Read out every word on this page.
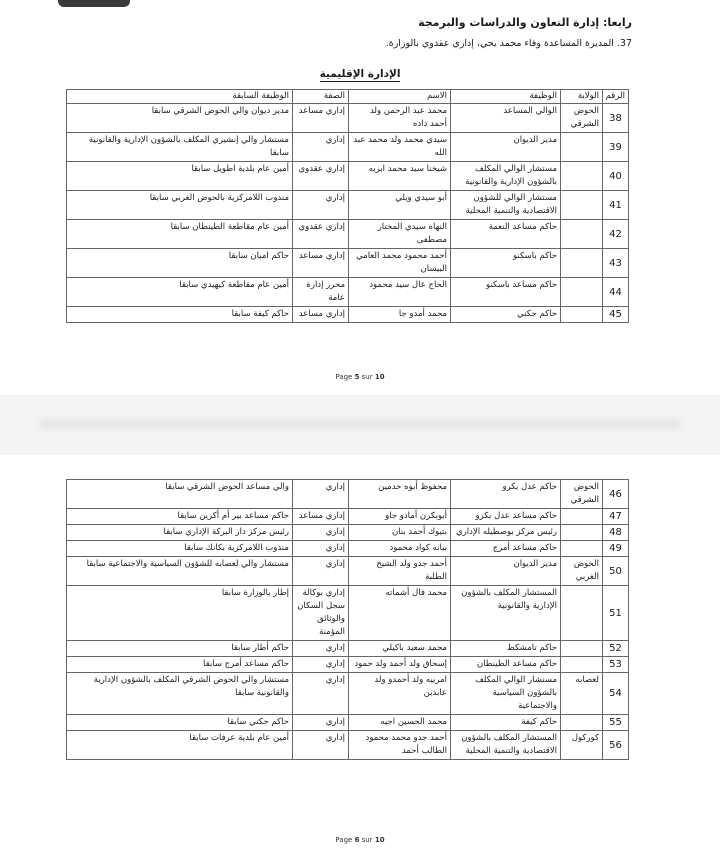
رابعا: إدارة التعاون والدراسات والبرمجة
37. المديرة المساعدة وفاء محمد يحي، إداري عقدوي بالوزارة.
الإدارة الإقليمية
الرقم	الولاية	الوظيفة	الاسم	الصفة	الوظيفة السابقة
38	الحوض الشرقي	الوالي المساعد	محمد عبد الرحمن ولد أحمد داده	إداري مساعد	مدير ديوان والي الحوض الشرقي سابقا
39		مدير الديوان	سيدي محمد ولد محمد عبد الله	إداري	مستشار والي إنشيري المكلف بالشؤون الإدارية والقانونية سابقا
40		مستشار الوالي المكلف بالشؤون الإدارية والقانونية	شيخنا سيد محمد ابريه	إداري عقدوي	أمين عام بلدية اطويل سابقا
41		مستشار الوالي للشؤون الاقتصادية والتنمية المحلية	أبو سيدي ويلي	إداري	مندوب اللامركزية بالحوض الغربي سابقا
42		حاكم مساعد النعمة	النهاه سيدي المختار مصطفى	إداري عقدوي	أمين عام مقاطعة الطينطان سابقا
43		حاكم باسكنو	أحمد محمود محمد العامي البيسان	إداري مساعد	حاكم امبان سابقا
44		حاكم مساعد باسكنو	الحاج عال سيد محمود	محرر إدارة عامة	أمين عام مقاطعة كيهيدي سابقا
45		حاكم جكني	محمد أمدو جا	إداري مساعد	حاكم كيفة سابقا
Page 5 sur 10
46	الحوض الشرقي	حاكم عدل بكرو	محفوظ أبوه حدمين	إداري	والي مساعد الحوض الشرقي سابقا
47		حاكم مساعد عدل بكرو	أبوبكرن أمادو جاو	إداري مساعد	حاكم مساعد بير أم أكرين سابقا
48		رئيس مركز بوصطيله الإداري	بتيوك أحمد بنان	إداري	رئيس مركز دار البركة الإداري سابقا
49		حاكم مساعد أمرج	بيانه كواد محمود	إداري	مندوب اللامركزية بكانك سابقا
50	الحوض الغربي	مدير الديوان	أحمد جدو ولد الشيخ الطلبة	إداري	مستشار والي لعصابه للشؤون السياسية والاجتماعية سابقا
51		المستشار المكلف بالشؤون الإدارية والقانونية	محمد فال أشماته	إداري بوكالة سجل السكان والوثائق المؤمنة	إطار بالوزارة سابقا
52		حاكم تامشكط	محمد سعيد باكيلي	إداري	حاكم أطار سابقا
53		حاكم مساعد الطينطان	إسحاق ولد أحمد ولد حمود	إداري	حاكم مساعد أمرج سابقا
54	لعصابه	مستشار الوالي المكلف بالشؤون السياسية والاجتماعية	امربيه ولد أحمدو ولد عابدين	إداري	مستشار والي الحوض الشرقي المكلف بالشؤون الإدارية والقانونية سابقا
55		حاكم كيفة	محمد الحسين اجيه	إداري	حاكم جكني سابقا
56	كوركول	المستشار المكلف بالشؤون الاقتصادية والتنمية المحلية	أحمد جدو محمد محمود الطالب أحمد	إداري	أمين عام بلدية عرفات سابقا
Page 6 sur 10
